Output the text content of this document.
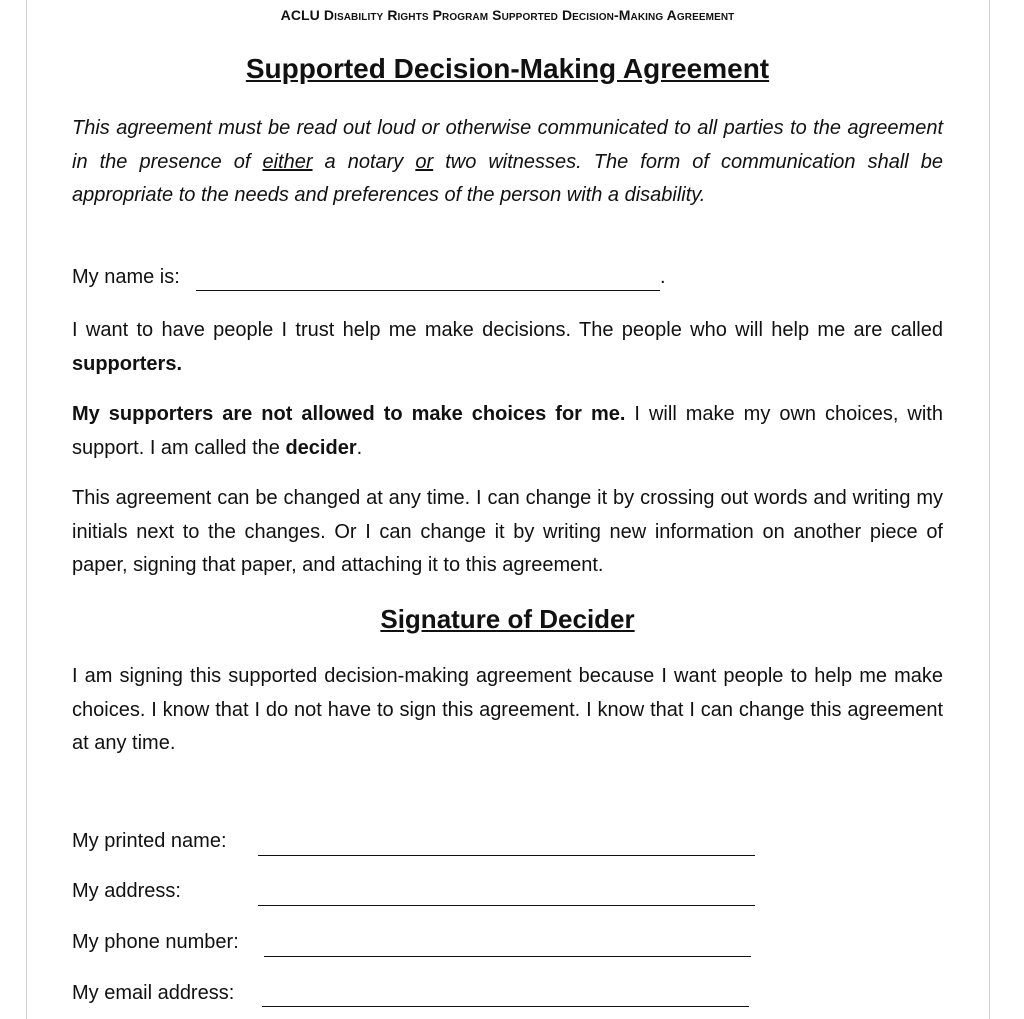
ACLU Disability Rights Program Supported Decision-Making Agreement
Supported Decision-Making Agreement

This agreement must be read out loud or otherwise communicated to all parties to the agreement in the presence of either a notary or two witnesses. The form of communication shall be appropriate to the needs and preferences of the person with a disability.

My name is:	.

I want to have people I trust help me make decisions. The people who will help me are called supporters.

My supporters are not allowed to make choices for me. I will make my own choices, with support. I am called the decider.

This agreement can be changed at any time. I can change it by crossing out words and writing my initials next to the changes. Or I can change it by writing new information on another piece of paper, signing that paper, and attaching it to this agreement.

Signature of Decider

I am signing this supported decision-making agreement because I want people to help me make choices. I know that I do not have to sign this agreement. I know that I can change this agreement at any time.

My printed name:
My address:
My phone number:
My email address:
